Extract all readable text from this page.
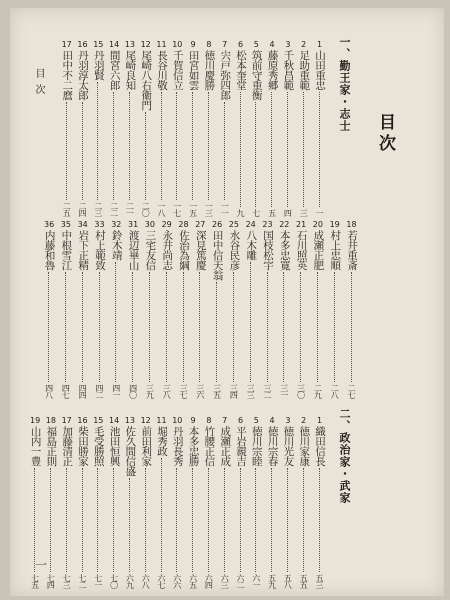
目次
目次
一
一、勤王家・志士
1
山田重忠
一
2
足助重範
三
3
千秋昌範
四
4
藤原秀郷
五
5
筑前守重衡
七
6
松本奎堂
九
7
宍戸弥四郎
一一
8
徳川慶勝
一三
9
田宮如雲
一五
10
千賀信立
一七
11
長谷川敬
一八
12
尾崎八右衛門
二〇
13
尾崎良知
二一
14
間宮六郎
二二
15
丹羽賢
二三
16
丹羽淳太郎
二四
17
田中不二麿
二五
18
若井重斎
二七
19
村上忠順
二八
20
成瀬正肥
二九
21
石川照英
三〇
22
本多忠寛
三一
23
国枝松宇
三二
24
八木雕
三三
25
水谷民彦
三四
26
田中信天翁
三五
27
深見篤慶
三六
28
佐治為綱
三七
29
永井尚志
三八
30
三宅友信
三九
31
渡辺崋山
四〇
32
鈴木靖
四一
33
村上範致
四二
34
岩下正精
四四
35
中根雪江
四七
36
内藤和魯
四八
二、政治家・武家
1
織田信長
五三
2
徳川家康
五五
3
徳川光友
五八
4
徳川宗春
五九
5
徳川宗睦
六一
6
平岩親吉
六二
7
成瀬正成
六三
8
竹腰正信
六四
9
本多忠勝
六五
10
丹羽長秀
六六
11
堀秀政
六七
12
前田利家
六八
13
佐久間信盛
六九
14
池田恒興
七〇
15
毛受勝照
七一
16
柴田勝家
七二
17
加藤清正
七三
18
福島正則
七四
19
山内一豊
七五
